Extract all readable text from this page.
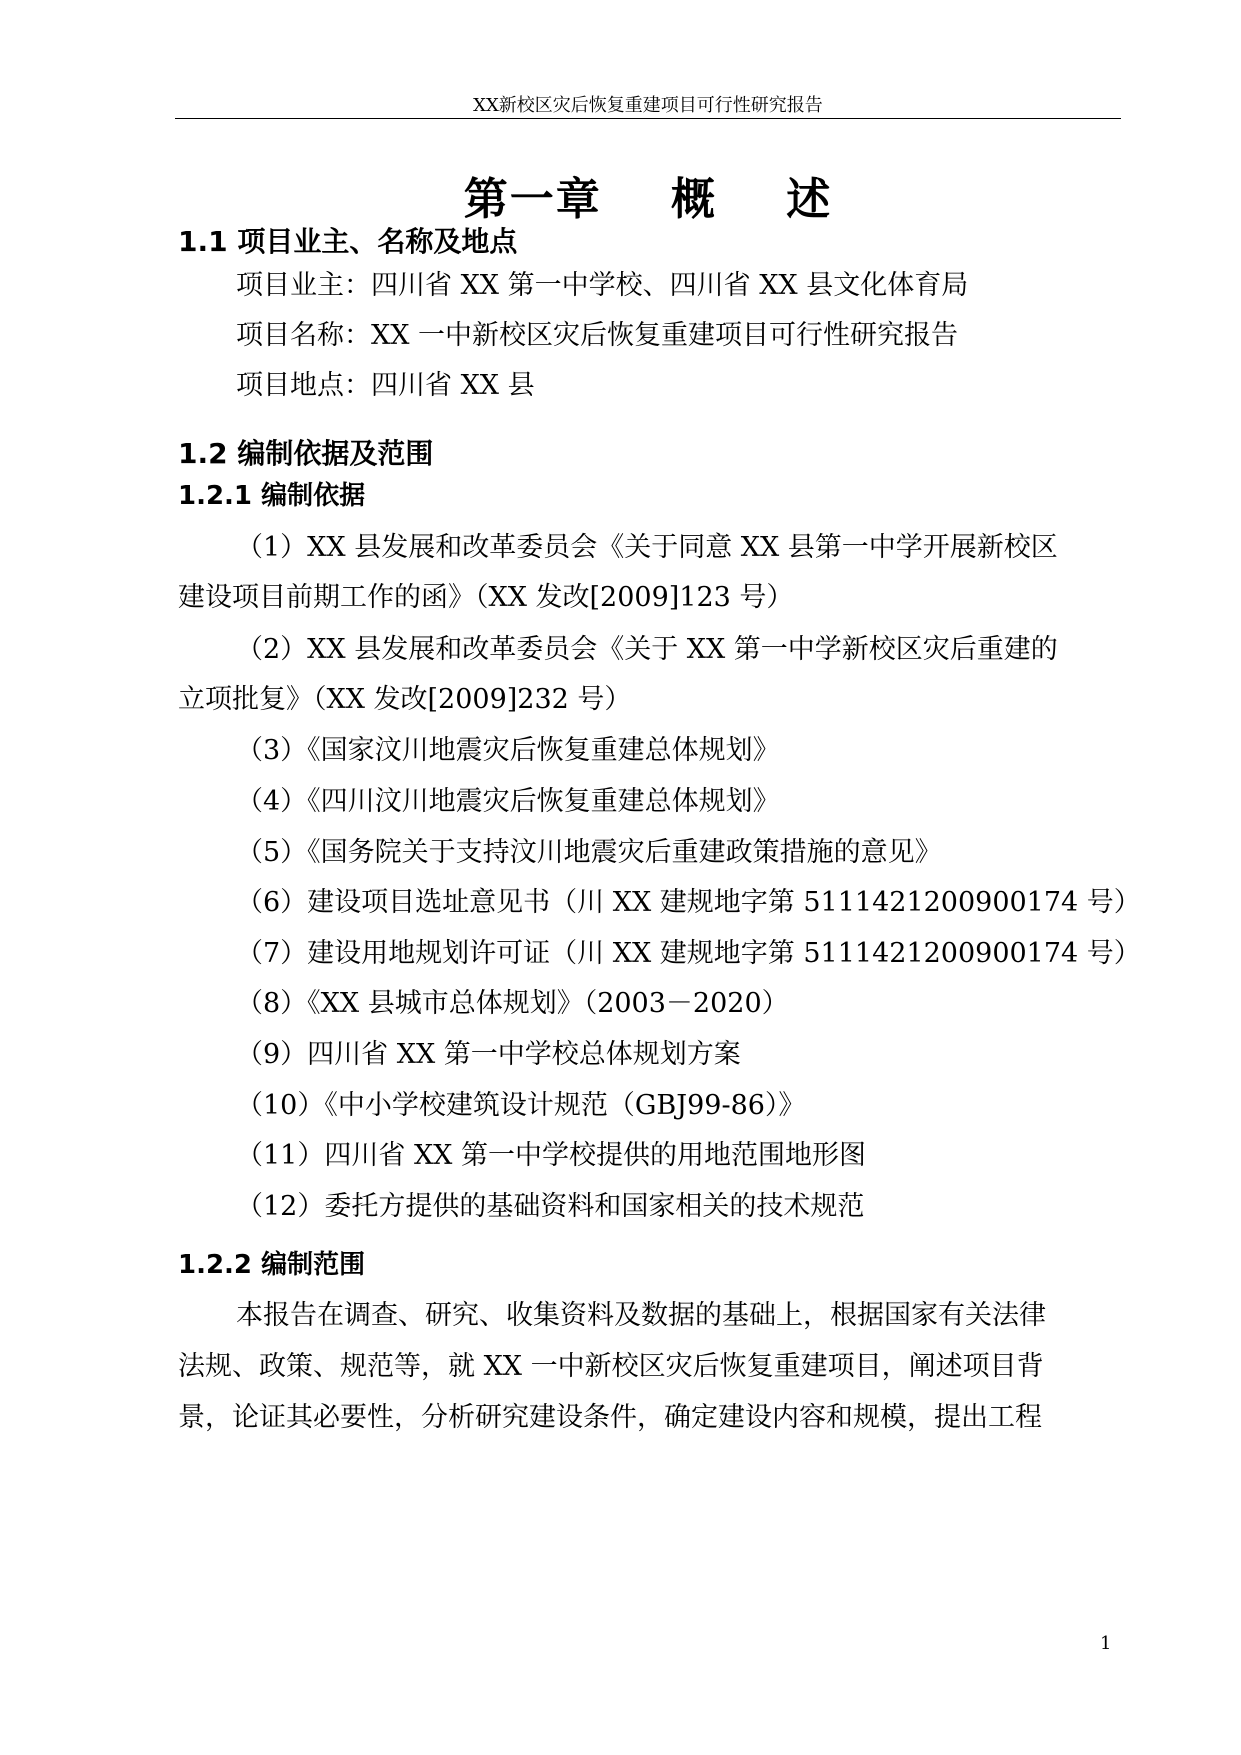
XX新校区灾后恢复重建项目可行性研究报告
第一章    概    述
1.1 项目业主、名称及地点
项目业主：四川省 XX 第一中学校、四川省 XX 县文化体育局
项目名称：XX 一中新校区灾后恢复重建项目可行性研究报告
项目地点：四川省 XX 县
1.2 编制依据及范围
1.2.1 编制依据
（1）XX 县发展和改革委员会《关于同意 XX 县第一中学开展新校区
建设项目前期工作的函》（XX 发改[2009]123 号）
（2）XX 县发展和改革委员会《关于 XX 第一中学新校区灾后重建的
立项批复》（XX 发改[2009]232 号）
（3）《国家汶川地震灾后恢复重建总体规划》
（4）《四川汶川地震灾后恢复重建总体规划》
（5）《国务院关于支持汶川地震灾后重建政策措施的意见》
（6）建设项目选址意见书（川 XX 建规地字第 5111421200900174 号）
（7）建设用地规划许可证（川 XX 建规地字第 5111421200900174 号）
（8）《XX 县城市总体规划》（2003－2020）
（9）四川省 XX 第一中学校总体规划方案
（10）《中小学校建筑设计规范（GBJ99-86）》
（11）四川省 XX 第一中学校提供的用地范围地形图
（12）委托方提供的基础资料和国家相关的技术规范
1.2.2 编制范围
本报告在调查、研究、收集资料及数据的基础上，根据国家有关法律
法规、政策、规范等，就 XX 一中新校区灾后恢复重建项目，阐述项目背
景，论证其必要性，分析研究建设条件，确定建设内容和规模，提出工程
1
